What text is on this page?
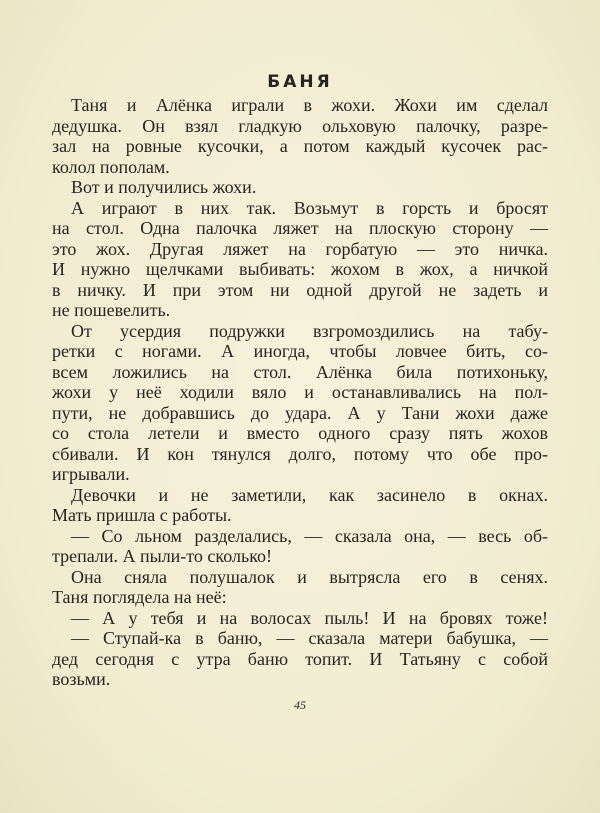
БАНЯ
Таня и Алёнка играли в жохи. Жохи им сделал
дедушка. Он взял гладкую ольховую палочку, разре-
зал на ровные кусочки, а потом каждый кусочек рас-
колол пополам.
Вот и получились жохи.
А играют в них так. Возьмут в горсть и бросят
на стол. Одна палочка ляжет на плоскую сторону —
это жох. Другая ляжет на горбатую — это ничка.
И нужно щелчками выбивать: жохом в жох, а ничкой
в ничку. И при этом ни одной другой не задеть и
не пошевелить.
От усердия подружки взгромоздились на табу-
ретки с ногами. А иногда, чтобы ловчее бить, со-
всем ложились на стол. Алёнка била потихоньку,
жохи у неё ходили вяло и останавливались на пол-
пути, не добравшись до удара. А у Тани жохи даже
со стола летели и вместо одного сразу пять жохов
сбивали. И кон тянулся долго, потому что обе про-
игрывали.
Девочки и не заметили, как засинело в окнах.
Мать пришла с работы.
— Со льном разделались, — сказала она, — весь об-
трепали. А пыли-то сколько!
Она сняла полушалок и вытрясла его в сенях.
Таня поглядела на неё:
— А у тебя и на волосах пыль! И на бровях тоже!
— Ступай-ка в баню, — сказала матери бабушка, —
дед сегодня с утра баню топит. И Татьяну с собой
возьми.
45
